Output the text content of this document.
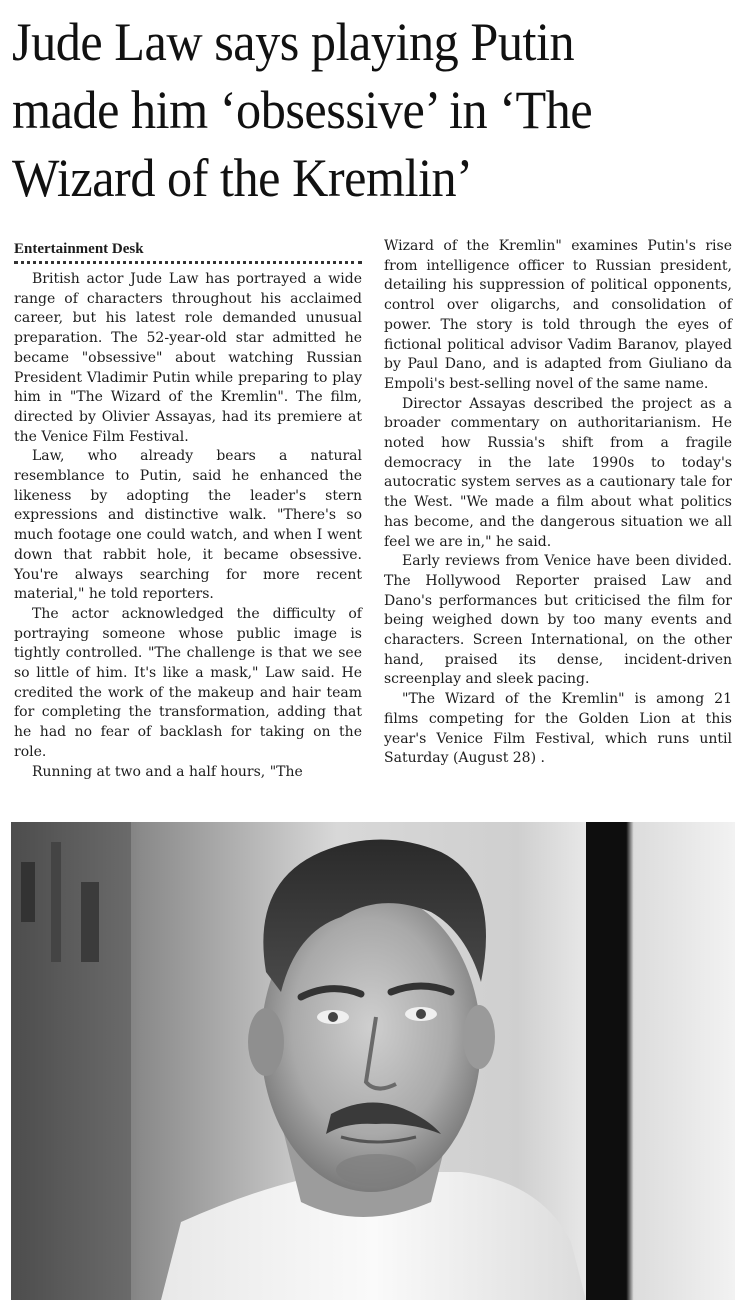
Jude Law says playing Putin made him ‘obsessive’ in ‘The Wizard of the Kremlin’
Entertainment Desk

British actor Jude Law has portrayed a wide range of characters throughout his acclaimed career, but his latest role demanded unusual preparation. The 52-year-old star admitted he became "obsessive" about watching Russian President Vladimir Putin while preparing to play him in "The Wizard of the Kremlin". The film, directed by Olivier Assayas, had its premiere at the Venice Film Festival.

Law, who already bears a natural resemblance to Putin, said he enhanced the likeness by adopting the leader's stern expressions and distinctive walk. "There's so much footage one could watch, and when I went down that rabbit hole, it became obsessive. You're always searching for more recent material," he told reporters.

The actor acknowledged the difficulty of portraying someone whose public image is tightly controlled. "The challenge is that we see so little of him. It's like a mask," Law said. He credited the work of the makeup and hair team for completing the transformation, adding that he had no fear of backlash for taking on the role.

Running at two and a half hours, "The

Wizard of the Kremlin" examines Putin's rise from intelligence officer to Russian president, detailing his suppression of political opponents, control over oligarchs, and consolidation of power. The story is told through the eyes of fictional political advisor Vadim Baranov, played by Paul Dano, and is adapted from Giuliano da Empoli's best-selling novel of the same name.

Director Assayas described the project as a broader commentary on authoritarianism. He noted how Russia's shift from a fragile democracy in the late 1990s to today's autocratic system serves as a cautionary tale for the West. "We made a film about what politics has become, and the dangerous situation we all feel we are in," he said.

Early reviews from Venice have been divided. The Hollywood Reporter praised Law and Dano's performances but criticised the film for being weighed down by too many events and characters. Screen International, on the other hand, praised its dense, incident-driven screenplay and sleek pacing.

"The Wizard of the Kremlin" is among 21 films competing for the Golden Lion at this year's Venice Film Festival, which runs until Saturday (August 28) .
